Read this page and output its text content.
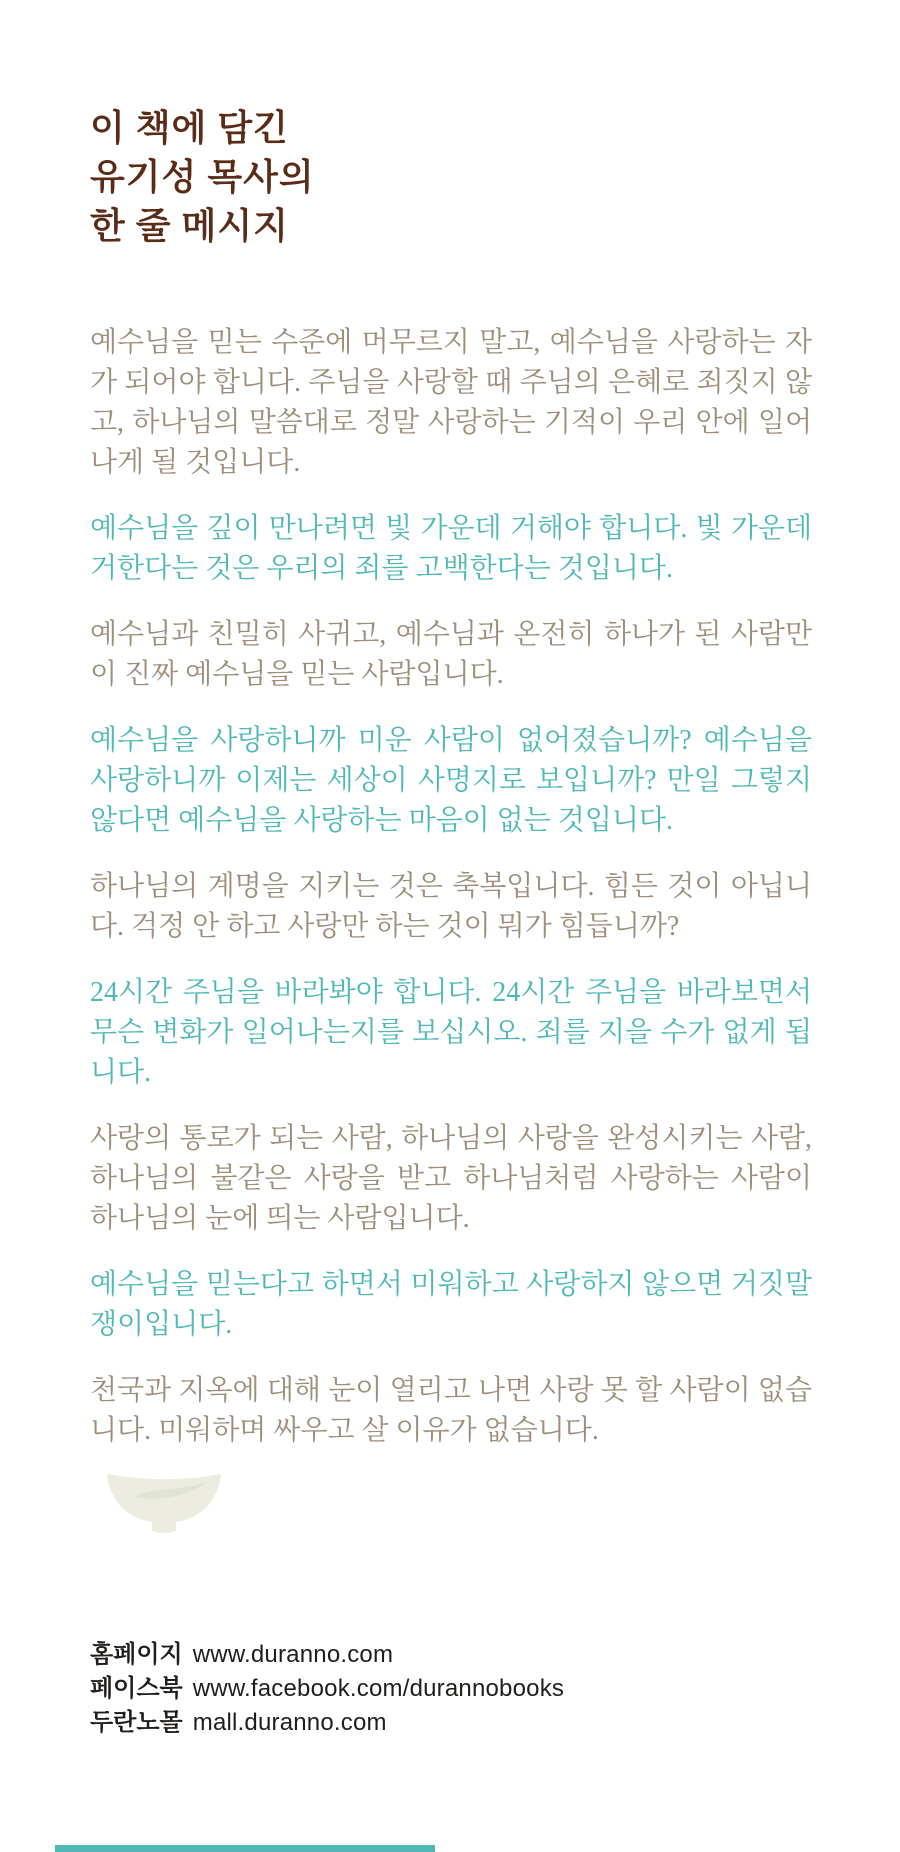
이 책에 담긴
유기성 목사의
한 줄 메시지

예수님을 믿는 수준에 머무르지 말고, 예수님을 사랑하는 자가 되어야 합니다. 주님을 사랑할 때 주님의 은혜로 죄짓지 않고, 하나님의 말씀대로 정말 사랑하는 기적이 우리 안에 일어나게 될 것입니다.

예수님을 깊이 만나려면 빛 가운데 거해야 합니다. 빛 가운데 거한다는 것은 우리의 죄를 고백한다는 것입니다.

예수님과 친밀히 사귀고, 예수님과 온전히 하나가 된 사람만이 진짜 예수님을 믿는 사람입니다.

예수님을 사랑하니까 미운 사람이 없어졌습니까? 예수님을 사랑하니까 이제는 세상이 사명지로 보입니까? 만일 그렇지 않다면 예수님을 사랑하는 마음이 없는 것입니다.

하나님의 계명을 지키는 것은 축복입니다. 힘든 것이 아닙니다. 걱정 안 하고 사랑만 하는 것이 뭐가 힘듭니까?

24시간 주님을 바라봐야 합니다. 24시간 주님을 바라보면서 무슨 변화가 일어나는지를 보십시오. 죄를 지을 수가 없게 됩니다.

사랑의 통로가 되는 사람, 하나님의 사랑을 완성시키는 사람, 하나님의 불같은 사랑을 받고 하나님처럼 사랑하는 사람이 하나님의 눈에 띄는 사람입니다.

예수님을 믿는다고 하면서 미워하고 사랑하지 않으면 거짓말쟁이입니다.

천국과 지옥에 대해 눈이 열리고 나면 사랑 못 할 사람이 없습니다. 미워하며 싸우고 살 이유가 없습니다.

홈페이지 www.duranno.com
페이스북 www.facebook.com/durannobooks
두란노몰 mall.duranno.com
